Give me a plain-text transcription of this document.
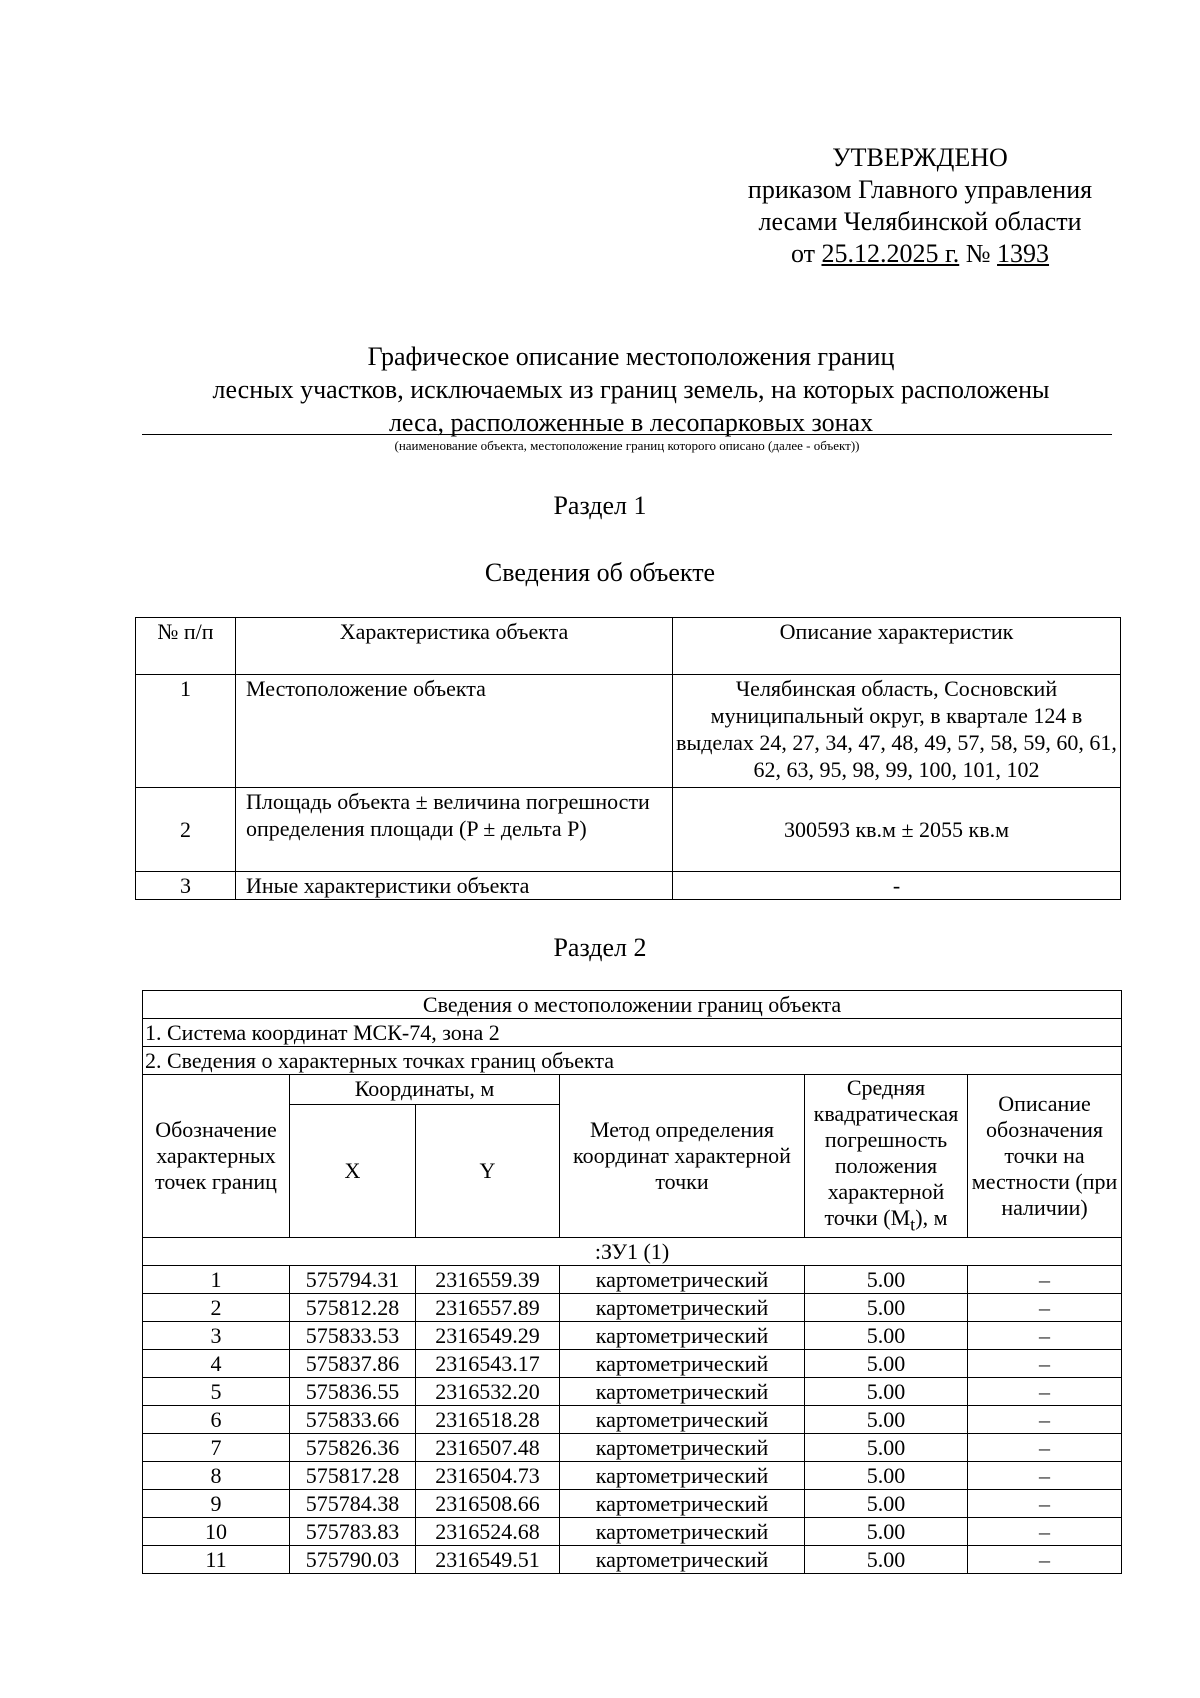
УТВЕРЖДЕНО
приказом Главного управления
лесами Челябинской области
от 25.12.2025 г. № 1393
Графическое описание местоположения границ
лесных участков, исключаемых из границ земель, на которых расположены
леса, расположенные в лесопарковых зонах
(наименование объекта, местоположение границ которого описано (далее - объект))
Раздел 1
Сведения об объекте
№ п/п	Характеристика объекта	Описание характеристик
1	Местоположение объекта	Челябинская область, Сосновский муниципальный округ, в квартале 124 в выделах 24, 27, 34, 47, 48, 49, 57, 58, 59, 60, 61, 62, 63, 95, 98, 99, 100, 101, 102
2	Площадь объекта ± величина погрешности определения площади (P ± дельта P)	300593 кв.м ± 2055 кв.м
3	Иные характеристики объекта	-
Раздел 2
Сведения о местоположении границ объекта					
1. Система координат МСК-74, зона 2					
2. Сведения о характерных точках границ объекта					
Обозначение характерных точек границ	Координаты, м		Метод определения координат характерной точки	Средняя квадратическая погрешность положения характерной точки $(M_t)$, м	Описание обозначения точки на местности (при наличии)
	X	Y			
:ЗУ1 (1)					
1	575794.31	2316559.39	картометрический	5.00	–
2	575812.28	2316557.89	картометрический	5.00	–
3	575833.53	2316549.29	картометрический	5.00	–
4	575837.86	2316543.17	картометрический	5.00	–
5	575836.55	2316532.20	картометрический	5.00	–
6	575833.66	2316518.28	картометрический	5.00	–
7	575826.36	2316507.48	картометрический	5.00	–
8	575817.28	2316504.73	картометрический	5.00	–
9	575784.38	2316508.66	картометрический	5.00	–
10	575783.83	2316524.68	картометрический	5.00	–
11	575790.03	2316549.51	картометрический	5.00	–
